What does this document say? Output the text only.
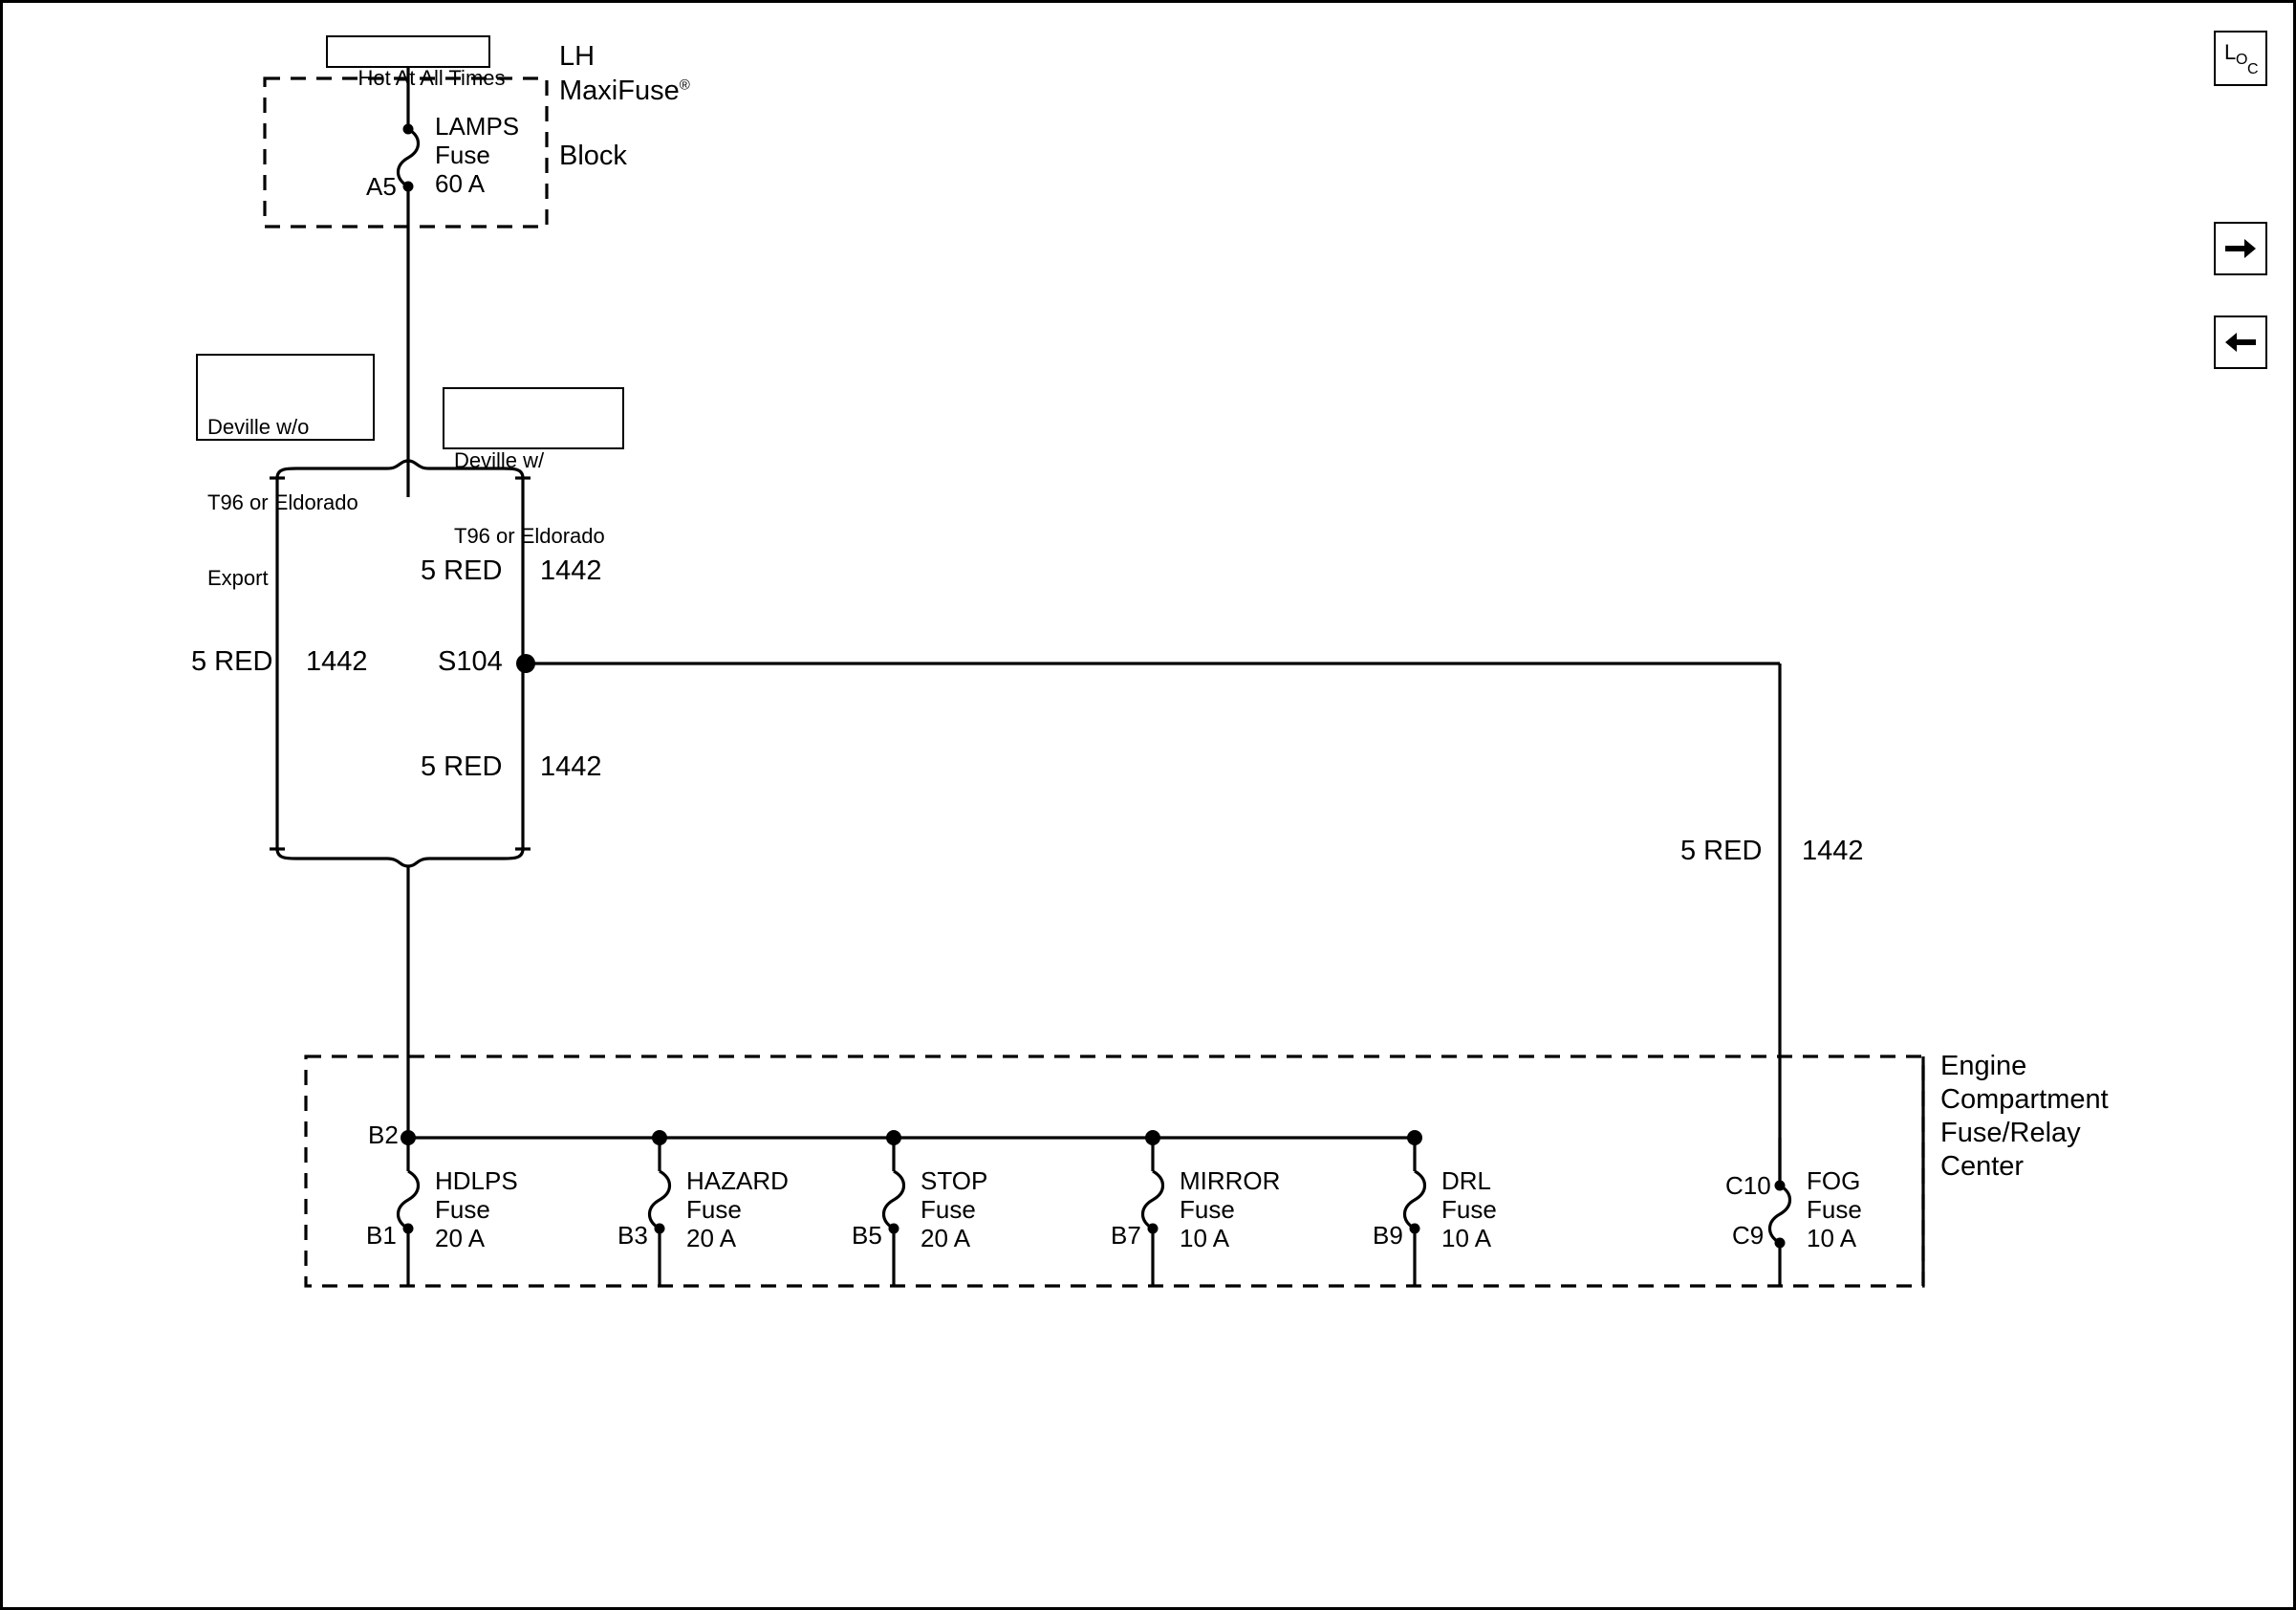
Hot At All Times

LH
MaxiFuse®
Block
LAMPS
Fuse
60 A
A5

Deville w/o

T96 or Eldorado

Export

Deville w/

T96 or Eldorado

5 RED 1442
5 RED 1442
5 RED 1442
5 RED 1442
S104
Engine
Compartment
Fuse/Relay
Center
B2
HDLPS
Fuse
20 A
B1
HAZARD
Fuse
20 A
B3
STOP
Fuse
20 A
B5
MIRROR
Fuse
10 A
B7
DRL
Fuse
10 A
B9
C10 FOG
Fuse
10 A
C9
L O
C
